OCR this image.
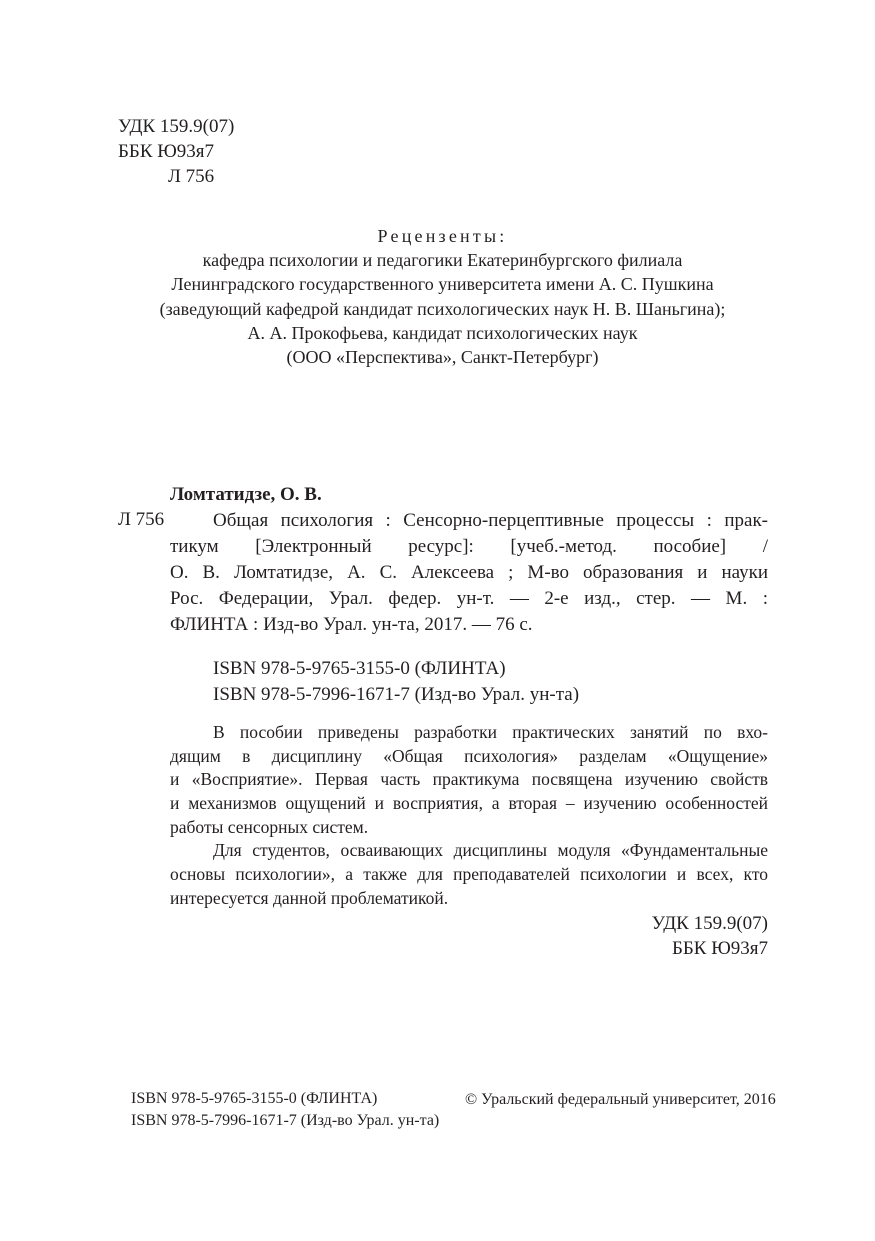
УДК 159.9(07)
ББК Ю93я7
Л 756
Рецензенты:
кафедра психологии и педагогики Екатеринбургского филиала
Ленинградского государственного университета имени А. С. Пушкина
(заведующий кафедрой кандидат психологических наук Н. В. Шаньгина);
А. А. Прокофьева, кандидат психологических наук
(ООО «Перспектива», Санкт-Петербург)
Ломтатидзе, О. В.
Л 756	Общая психология : Сенсорно-перцептивные процессы : прак-
тикум [Электронный ресурс]: [учеб.-метод. пособие] /
О. В. Ломтатидзе, А. С. Алексеева ; М-во образования и науки
Рос. Федерации, Урал. федер. ун-т. — 2-е изд., стер. — М. :
ФЛИНТА : Изд-во Урал. ун-та, 2017. — 76 с.
ISBN 978-5-9765-3155-0 (ФЛИНТА)
ISBN 978-5-7996-1671-7 (Изд-во Урал. ун-та)
В пособии приведены разработки практических занятий по вхо-
дящим в дисциплину «Общая психология» разделам «Ощущение»
и «Восприятие». Первая часть практикума посвящена изучению свойств
и механизмов ощущений и восприятия, а вторая – изучению особенностей
работы сенсорных систем.
Для студентов, осваивающих дисциплины модуля «Фундаментальные
основы психологии», а также для преподавателей психологии и всех, кто
интересуется данной проблематикой.
УДК 159.9(07)
ББК Ю93я7
ISBN 978-5-9765-3155-0 (ФЛИНТА)
ISBN 978-5-7996-1671-7 (Изд-во Урал. ун-та)
© Уральский федеральный университет, 2016
